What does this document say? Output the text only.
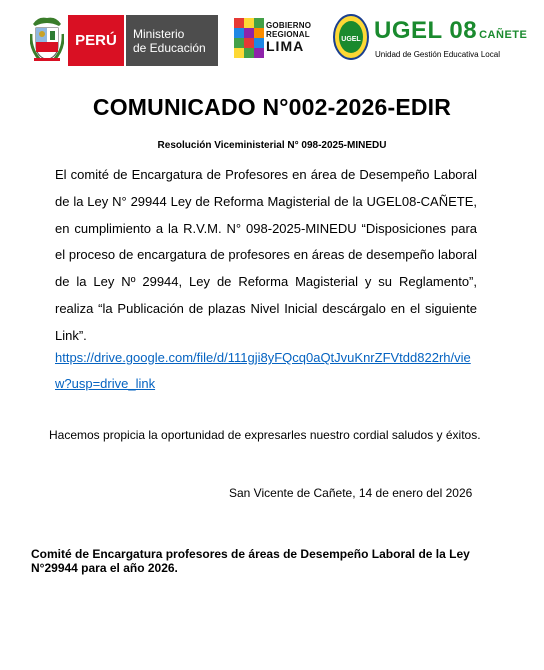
PERÚ	Ministerio
de Educación
GOBIERNO
REGIONAL
LIMA	UGEL UGEL 08 CAÑETE
Unidad de Gestión Educativa Local
COMUNICADO N°002-2026-EDIR
Resolución Viceministerial N° 098-2025-MINEDU
El comité de Encargatura de Profesores en área de Desempeño Laboral de la Ley N° 29944 Ley de Reforma Magisterial de la UGEL08-CAÑETE, en cumplimiento a la R.V.M. N° 098-2025-MINEDU “Disposiciones para el proceso de encargatura de profesores en áreas de desempeño laboral de la Ley Nº 29944, Ley de Reforma Magisterial y su Reglamento”, realiza “la Publicación de plazas Nivel Inicial descárgalo en el siguiente Link”.
https://drive.google.com/file/d/111gji8yFQcq0aQtJvuKnrZFVtdd822rh/view?usp=drive_link
Hacemos propicia la oportunidad de expresarles nuestro cordial saludos y éxitos.
San Vicente de Cañete, 14 de enero del 2026
Comité de Encargatura profesores de áreas de Desempeño Laboral de la Ley N°29944 para el año 2026.
